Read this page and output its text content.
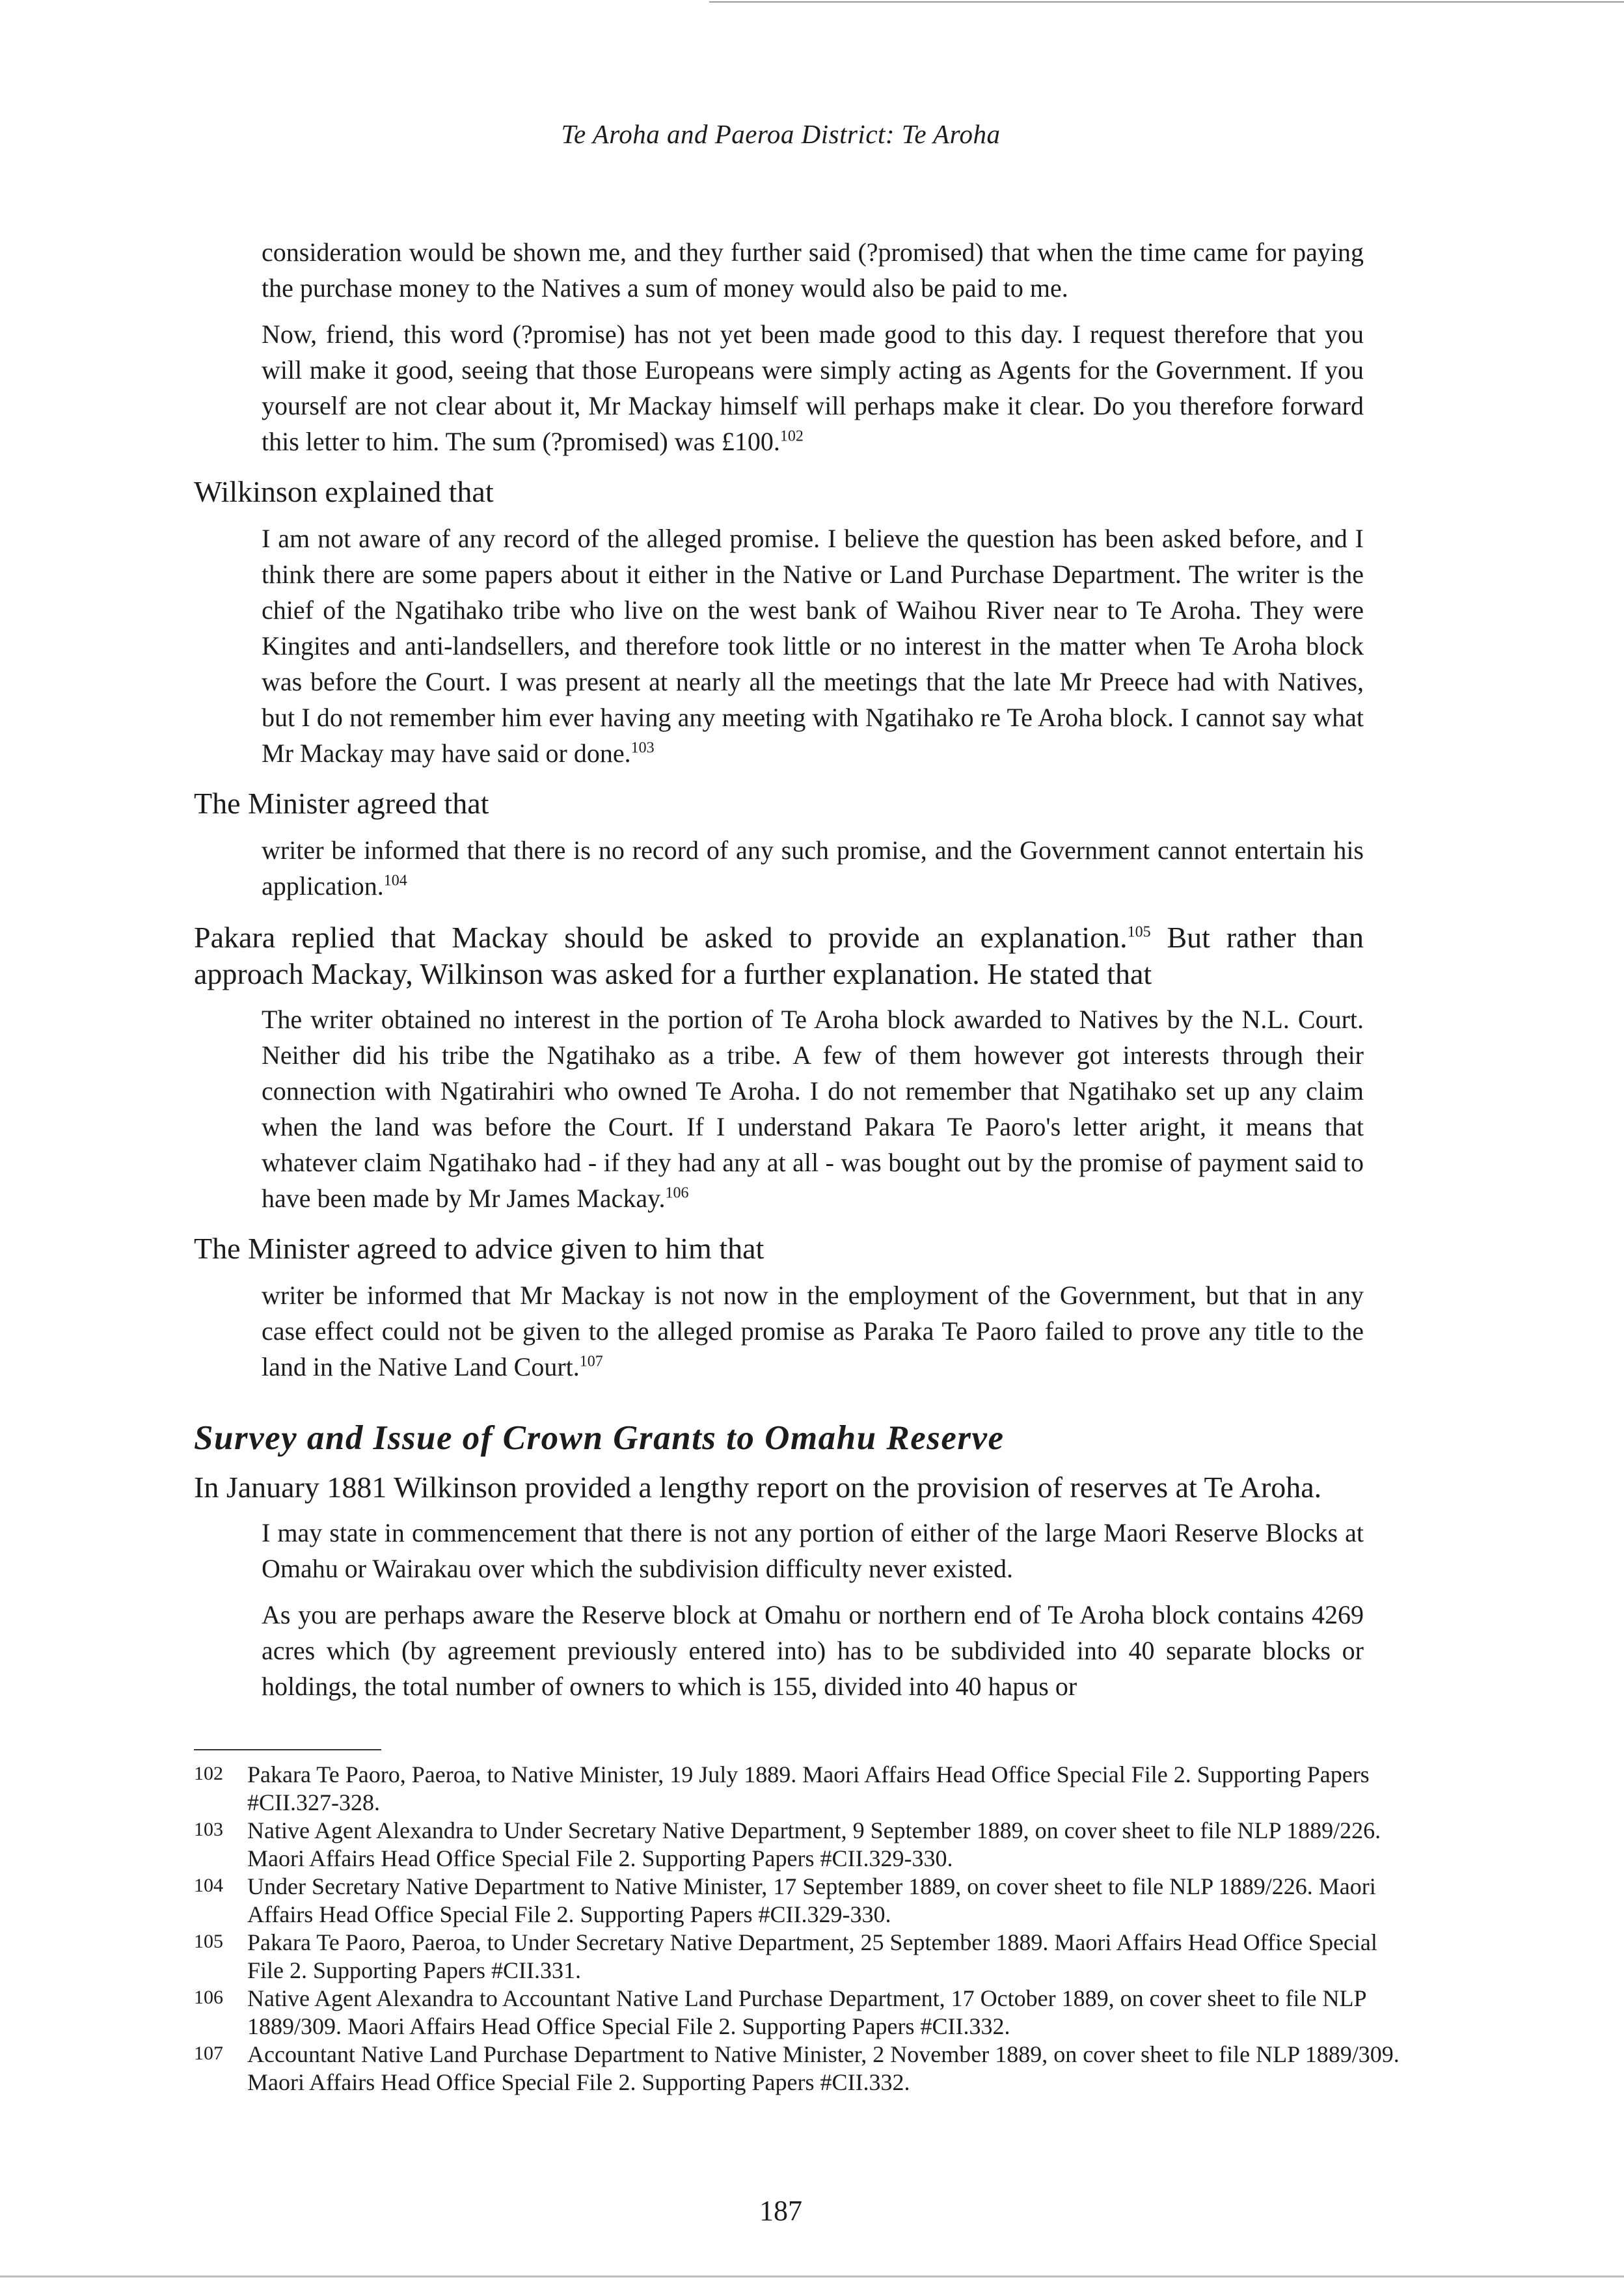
Te Aroha and Paeroa District: Te Aroha

consideration would be shown me, and they further said (?promised) that when the time came for paying the purchase money to the Natives a sum of money would also be paid to me.

Now, friend, this word (?promise) has not yet been made good to this day. I request therefore that you will make it good, seeing that those Europeans were simply acting as Agents for the Government. If you yourself are not clear about it, Mr Mackay himself will perhaps make it clear. Do you therefore forward this letter to him. The sum (?promised) was £100.$^{102}$

Wilkinson explained that

I am not aware of any record of the alleged promise. I believe the question has been asked before, and I think there are some papers about it either in the Native or Land Purchase Department. The writer is the chief of the Ngatihako tribe who live on the west bank of Waihou River near to Te Aroha. They were Kingites and anti-landsellers, and therefore took little or no interest in the matter when Te Aroha block was before the Court. I was present at nearly all the meetings that the late Mr Preece had with Natives, but I do not remember him ever having any meeting with Ngatihako re Te Aroha block. I cannot say what Mr Mackay may have said or done.$^{103}$

The Minister agreed that

writer be informed that there is no record of any such promise, and the Government cannot entertain his application.$^{104}$

Pakara replied that Mackay should be asked to provide an explanation.$^{105}$ But rather than approach Mackay, Wilkinson was asked for a further explanation. He stated that

The writer obtained no interest in the portion of Te Aroha block awarded to Natives by the N.L. Court. Neither did his tribe the Ngatihako as a tribe. A few of them however got interests through their connection with Ngatirahiri who owned Te Aroha. I do not remember that Ngatihako set up any claim when the land was before the Court. If I understand Pakara Te Paoro's letter aright, it means that whatever claim Ngatihako had - if they had any at all - was bought out by the promise of payment said to have been made by Mr James Mackay.$^{106}$

The Minister agreed to advice given to him that

writer be informed that Mr Mackay is not now in the employment of the Government, but that in any case effect could not be given to the alleged promise as Paraka Te Paoro failed to prove any title to the land in the Native Land Court.$^{107}$

Survey and Issue of Crown Grants to Omahu Reserve

In January 1881 Wilkinson provided a lengthy report on the provision of reserves at Te Aroha.

I may state in commencement that there is not any portion of either of the large Maori Reserve Blocks at Omahu or Wairakau over which the subdivision difficulty never existed.

As you are perhaps aware the Reserve block at Omahu or northern end of Te Aroha block contains 4269 acres which (by agreement previously entered into) has to be subdivided into 40 separate blocks or holdings, the total number of owners to which is 155, divided into 40 hapus or

102	Pakara Te Paoro, Paeroa, to Native Minister, 19 July 1889. Maori Affairs Head Office Special File 2. Supporting Papers #CII.327-328.
103	Native Agent Alexandra to Under Secretary Native Department, 9 September 1889, on cover sheet to file NLP 1889/226. Maori Affairs Head Office Special File 2. Supporting Papers #CII.329-330.
104	Under Secretary Native Department to Native Minister, 17 September 1889, on cover sheet to file NLP 1889/226. Maori Affairs Head Office Special File 2. Supporting Papers #CII.329-330.
105	Pakara Te Paoro, Paeroa, to Under Secretary Native Department, 25 September 1889. Maori Affairs Head Office Special File 2. Supporting Papers #CII.331.
106	Native Agent Alexandra to Accountant Native Land Purchase Department, 17 October 1889, on cover sheet to file NLP 1889/309. Maori Affairs Head Office Special File 2. Supporting Papers #CII.332.
107	Accountant Native Land Purchase Department to Native Minister, 2 November 1889, on cover sheet to file NLP 1889/309. Maori Affairs Head Office Special File 2. Supporting Papers #CII.332.
187
